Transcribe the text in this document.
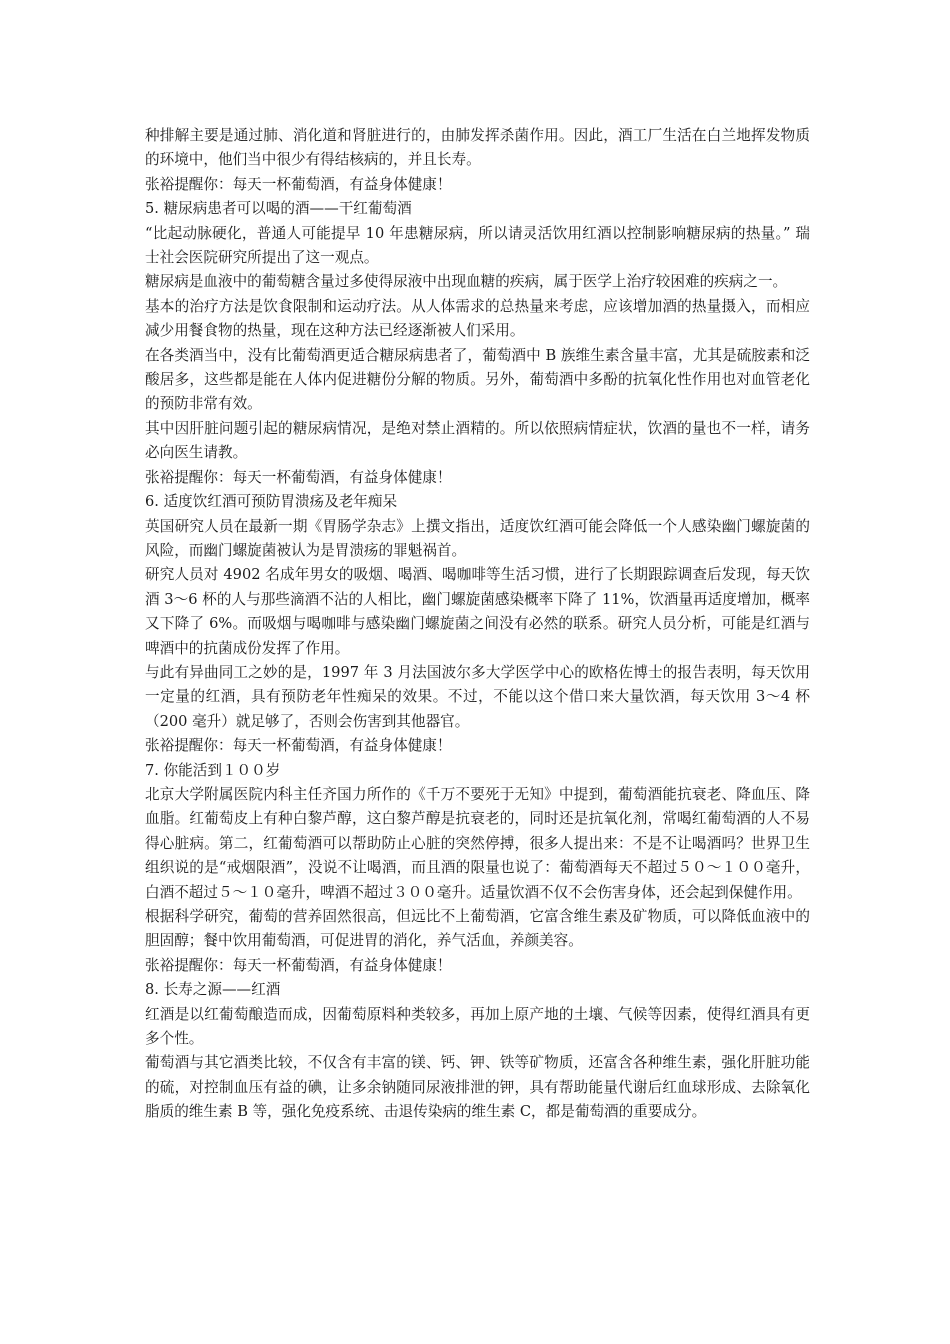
种排解主要是通过肺、消化道和肾脏进行的，由肺发挥杀菌作用。因此，酒工厂生活在白兰地挥发物质的环境中，他们当中很少有得结核病的，并且长寿。

张裕提醒你：每天一杯葡萄酒，有益身体健康！

5. 糖尿病患者可以喝的酒——干红葡萄酒

“比起动脉硬化，普通人可能提早 10 年患糖尿病，所以请灵活饮用红酒以控制影响糖尿病的热量。” 瑞士社会医院研究所提出了这一观点。

糖尿病是血液中的葡萄糖含量过多使得尿液中出现血糖的疾病，属于医学上治疗较困难的疾病之一。

基本的治疗方法是饮食限制和运动疗法。从人体需求的总热量来考虑，应该增加酒的热量摄入，而相应减少用餐食物的热量，现在这种方法已经逐渐被人们采用。

在各类酒当中，没有比葡萄酒更适合糖尿病患者了，葡萄酒中 B 族维生素含量丰富，尤其是硫胺素和泛酸居多，这些都是能在人体内促进糖份分解的物质。另外，葡萄酒中多酚的抗氧化性作用也对血管老化的预防非常有效。

其中因肝脏问题引起的糖尿病情况，是绝对禁止酒精的。所以依照病情症状，饮酒的量也不一样，请务必向医生请教。

张裕提醒你：每天一杯葡萄酒，有益身体健康！

6. 适度饮红酒可预防胃溃疡及老年痴呆

英国研究人员在最新一期《胃肠学杂志》上撰文指出，适度饮红酒可能会降低一个人感染幽门螺旋菌的风险，而幽门螺旋菌被认为是胃溃疡的罪魁祸首。

研究人员对 4902 名成年男女的吸烟、喝酒、喝咖啡等生活习惯，进行了长期跟踪调查后发现，每天饮酒 3～6 杯的人与那些滴酒不沾的人相比，幽门螺旋菌感染概率下降了 11%，饮酒量再适度增加，概率又下降了 6%。而吸烟与喝咖啡与感染幽门螺旋菌之间没有必然的联系。研究人员分析，可能是红酒与啤酒中的抗菌成份发挥了作用。

与此有异曲同工之妙的是，1997 年 3 月法国波尔多大学医学中心的欧格佐博士的报告表明，每天饮用一定量的红酒，具有预防老年性痴呆的效果。不过，不能以这个借口来大量饮酒，每天饮用 3～4 杯（200 毫升）就足够了，否则会伤害到其他器官。

张裕提醒你：每天一杯葡萄酒，有益身体健康！

7. 你能活到１００岁

北京大学附属医院内科主任齐国力所作的《千万不要死于无知》中提到，葡萄酒能抗衰老、降血压、降血脂。红葡萄皮上有种白黎芦醇，这白黎芦醇是抗衰老的，同时还是抗氧化剂，常喝红葡萄酒的人不易得心脏病。第二，红葡萄酒可以帮助防止心脏的突然停搏，很多人提出来：不是不让喝酒吗？世界卫生组织说的是“戒烟限酒”，没说不让喝酒，而且酒的限量也说了：葡萄酒每天不超过５０～１００毫升，白酒不超过５～１０毫升，啤酒不超过３００毫升。适量饮酒不仅不会伤害身体，还会起到保健作用。

根据科学研究，葡萄的营养固然很高，但远比不上葡萄酒，它富含维生素及矿物质，可以降低血液中的胆固醇；餐中饮用葡萄酒，可促进胃的消化，养气活血，养颜美容。

张裕提醒你：每天一杯葡萄酒，有益身体健康！

8. 长寿之源——红酒

红酒是以红葡萄酿造而成，因葡萄原料种类较多，再加上原产地的土壤、气候等因素，使得红酒具有更多个性。

葡萄酒与其它酒类比较，不仅含有丰富的镁、钙、钾、铁等矿物质，还富含各种维生素，强化肝脏功能的硫，对控制血压有益的碘，让多余钠随同尿液排泄的钾，具有帮助能量代谢后红血球形成、去除氧化脂质的维生素 B 等，强化免疫系统、击退传染病的维生素 C，都是葡萄酒的重要成分。
